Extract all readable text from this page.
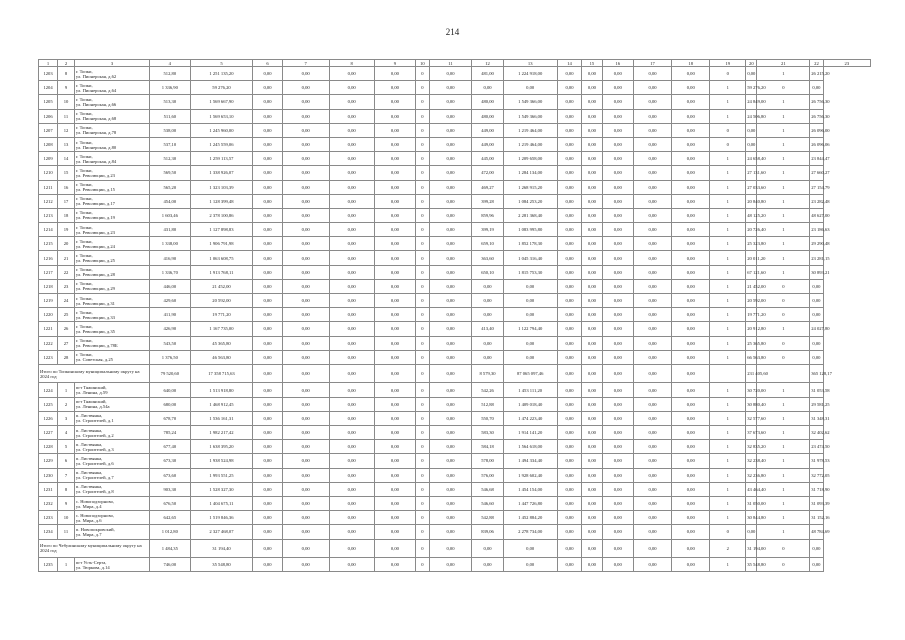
214
1	2	3	4	5	6	7	8	9	10	11	12	13	14	15	16	17	18	19	20	21	22	23
1203	8	г. Топки,
ул. Пионерская, д.62	512,80	1 251 135,20	0,00	0,00	0,00	0,00	0	0,00	481,00	1 224 918,00	0,00	0,00	0,00	0,00	0,00	0	0,00	1	26 215,20	
1204	9	г. Топки,
ул. Пионерская, д.64	1 336,90	59 276,20	0,00	0,00	0,00	0,00	0	0,00	0,00	0,00	0,00	0,00	0,00	0,00	0,00	1	59 276,20	0	0,00	
1205	10	г. Топки,
ул. Пионерская, д.66	513,30	1 569 667,90	0,00	0,00	0,00	0,00	0	0,00	480,00	1 549 366,00	0,00	0,00	0,00	0,00	0,00	1	24 849,00	1	26 756,30	
1206	11	г. Топки,
ул. Пионерская, д.68	511,60	1 569 653,10	0,00	0,00	0,00	0,00	0	0,00	480,00	1 549 366,00	0,00	0,00	0,00	0,00	0,00	1	24 506,80	1	26 756,30	
1207	12	г. Топки,
ул. Пионерская, д.78	538,00	1 245 960,00	0,00	0,00	0,00	0,00	0	0,00	449,00	1 219 464,00	0,00	0,00	0,00	0,00	0,00	0	0,00	1	26 096,00	
1208	13	г. Топки,
ул. Пионерская, д.80	537,10	1 245 559,06	0,00	0,00	0,00	0,00	0	0,00	449,00	1 219 464,00	0,00	0,00	0,00	0,00	0,00	0	0,00	1	26 096,06	
1209	14	г. Топки,
ул. Пионерская, д.84	512,30	1 259 113,57	0,00	0,00	0,00	0,00	0	0,00	445,00	1 209 658,00	0,00	0,00	0,00	0,00	0,00	1	24 658,40	1	23 844,47	
1210	15	г. Топки,
ул. Революции, д.23	569,50	1 338 926,07	0,00	0,00	0,00	0,00	0	0,00	472,00	1 284 134,00	0,00	0,00	0,00	0,00	0,00	1	27 131,60	1	27 660,27	
1211	16	г. Топки,
ул. Революции, д.15	565,20	1 323 103,39	0,00	0,00	0,00	0,00	0	0,00	469,27	1 268 915,20	0,00	0,00	0,00	0,00	0,00	1	27 033,60	1	27 154,79	
1212	17	г. Топки,
ул. Революции, д.17	454,00	1 128 399,48	0,00	0,00	0,00	0,00	0	0,00	399,28	1 084 253,20	0,00	0,00	0,00	0,00	0,00	1	20 840,80	1	23 282,48	
1213	18	г. Топки,
ул. Революции, д.19	1 603,46	2 378 100,86	0,00	0,00	0,00	0,00	0	0,00	859,96	2 281 368,40	0,00	0,00	0,00	0,00	0,00	1	48 125,20	1	48 627,00	
1214	19	г. Топки,
ул. Революции, д.23	431,80	1 127 898,83	0,00	0,00	0,00	0,00	0	0,00	399,19	1 083 995,80	0,00	0,00	0,00	0,00	0,00	1	20 726,40	1	23 186,63	
1215	20	г. Топки,
ул. Революции, д.24	1 338,00	1 906 791,98	0,00	0,00	0,00	0,00	0	0,00	659,10	1 852 178,30	0,00	0,00	0,00	0,00	0,00	1	25 323,80	1	29 290,48	
1216	21	г. Топки,
ул. Революции, д.25	416,90	1 063 608,75	0,00	0,00	0,00	0,00	0	0,00	363,60	1 045 316,40	0,00	0,00	0,00	0,00	0,00	1	20 011,20	1	23 281,15	
1217	22	г. Топки,
ул. Революции, д.28	1 336,70	1 913 768,11	0,00	0,00	0,00	0,00	0	0,00	650,10	1 815 753,30	0,00	0,00	0,00	0,00	0,00	1	67 121,60	1	30 893,21	
1218	23	г. Топки,
ул. Революции, д.29	446,00	21 452,00	0,00	0,00	0,00	0,00	0	0,00	0,00	0,00	0,00	0,00	0,00	0,00	0,00	1	21 452,00	0	0,00	
1219	24	г. Топки,
ул. Революции, д.31	429,60	20 592,00	0,00	0,00	0,00	0,00	0	0,00	0,00	0,00	0,00	0,00	0,00	0,00	0,00	1	20 592,00	0	0,00	
1220	25	г. Топки,
ул. Революции, д.33	411,90	19 771,20	0,00	0,00	0,00	0,00	0	0,00	0,00	0,00	0,00	0,00	0,00	0,00	0,00	1	19 771,20	0	0,00	
1221	26	г. Топки,
ул. Революции, д.35	426,90	1 167 735,00	0,00	0,00	0,00	0,00	0	0,00	413,40	1 122 794,40	0,00	0,00	0,00	0,00	0,00	1	20 912,80	1	24 027,80	
1222	27	г. Топки,
ул. Революции, д.78Б	543,50	45 365,80	0,00	0,00	0,00	0,00	0	0,00	0,00	0,00	0,00	0,00	0,00	0,00	0,00	1	25 365,80	0	0,00	
1223	28	г. Топки,
ул. Советская, д.25	1 376,50	46 563,80	0,00	0,00	0,00	0,00	0	0,00	0,00	0,00	0,00	0,00	0,00	0,00	0,00	1	66 563,80	0	0,00	
Итого по Топкинскому муниципальному округу на 2024 год			79 520,60	17 358 715,63	0,00	0,00	0,00	0,00	0	0,00	8 579,30	87 065 097,46	0,00	0,00	0,00	0,00	0,00		231 405,60		365 128,17	
1224	1	пгт Тяжинский,
ул. Ленина, д.59	640,00	1 513 918,80	0,00	0,00	0,00	0,00	0	0,00	542,26	1 453 111,20	0,00	0,00	0,00	0,00	0,00	1	30 720,00	1	31 053,58	
1225	2	пгт Тяжинский,
ул. Ленина, д.54а	680,00	1 468 912,45	0,00	0,00	0,00	0,00	0	0,00	512,88	1 409 018,40	0,00	0,00	0,00	0,00	0,00	1	30 880,40	1	29 581,25	
1226	3	п. Листвянка,
ул. Строителей, д.1	678,70	1 536 161,31	0,00	0,00	0,00	0,00	0	0,00	550,70	1 474 223,40	0,00	0,00	0,00	0,00	0,00	1	32 577,60	1	31 348,31	
1227	4	п. Листвянка,
ул. Строителей, д.2	785,24	1 982 217,42	0,00	0,00	0,00	0,00	0	0,00	583,30	1 914 141,20	0,00	0,00	0,00	0,00	0,00	1	37 673,60	1	32 402,62	
1228	5	п. Листвянка,
ул. Строителей, д.3	677,40	1 638 395,20	0,00	0,00	0,00	0,00	0	0,00	584,18	1 564 618,00	0,00	0,00	0,00	0,00	0,00	1	32 835,20	1	23 474,50	
1229	6	п. Листвянка,
ул. Строителей, д.6	673,30	1 938 524,98	0,00	0,00	0,00	0,00	0	0,00	578,00	1 494 334,40	0,00	0,00	0,00	0,00	0,00	1	32 238,40	1	31 978,53	
1230	7	п. Листвянка,
ул. Строителей, д.7	673,60	1 993 551,25	0,00	0,00	0,00	0,00	0	0,00	576,00	1 928 602,40	0,00	0,00	0,00	0,00	0,00	1	32 236,80	1	32 772,05	
1231	8	п. Листвянка,
ул. Строителей, д.8	903,30	1 528 327,30	0,00	0,00	0,00	0,00	0	0,00	546,68	1 454 154,00	0,00	0,00	0,00	0,00	0,00	1	43 464,40	1	31 718,90	
1232	9	с. Новоподзорново,
ул. Мира, д.4	676,50	1 404 675,11	0,00	0,00	0,00	0,00	0	0,00	546,60	1 447 726,80	0,00	0,00	0,00	0,00	0,00	1	31 050,00	1	31 093,39	
1233	10	с. Новоподзорново,
ул. Мира, д.6	642,65	1 519 846,36	0,00	0,00	0,00	0,00	0	0,00	542,88	1 452 884,20	0,00	0,00	0,00	0,00	0,00	1	30 844,80	1	31 152,16	
1234	11	п. Новопокровский,
ул. Мира, д.7	1 012,80	2 327 468,07	0,00	0,00	0,00	0,00	0	0,00	839,06	2 278 734,00	0,00	0,00	0,00	0,00	0,00	0	0,00	1	48 784,69	
Итого по Чебулинскому муниципальному округу на 2024 год			1 484,35	31 194,40	0,00	0,00	0,00	0,00	0	0,00	0,00	0,00	0,00	0,00	0,00	0,00	0,00	2	31 194,00	0	0,00	
1235	1	пгт Усть-Серта,
ул. Тюркова, д.14	746,00	35 548,80	0,00	0,00	0,00	0,00	0	0,00	0,00	0,00	0,00	0,00	0,00	0,00	0,00	1	35 548,80	0	0,00	
